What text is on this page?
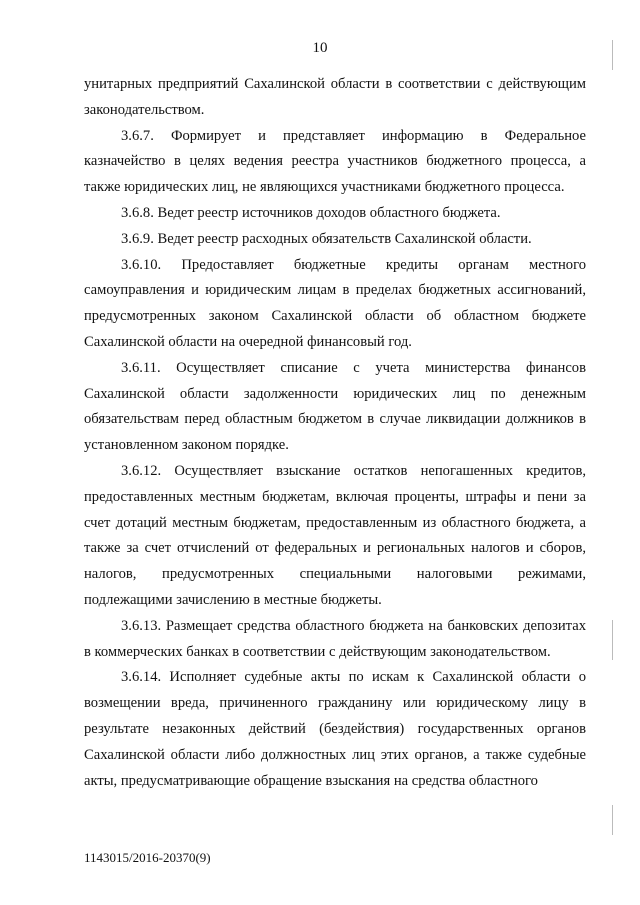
10

унитарных предприятий Сахалинской области в соответствии с действующим законодательством.

3.6.7. Формирует и представляет информацию в Федеральное казначейство в целях ведения реестра участников бюджетного процесса, а также юридических лиц, не являющихся участниками бюджетного процесса.

3.6.8. Ведет реестр источников доходов областного бюджета.

3.6.9. Ведет реестр расходных обязательств Сахалинской области.

3.6.10. Предоставляет бюджетные кредиты органам местного самоуправления и юридическим лицам в пределах бюджетных ассигнований, предусмотренных законом Сахалинской области об областном бюджете Сахалинской области на очередной финансовый год.

3.6.11. Осуществляет списание с учета министерства финансов Сахалинской области задолженности юридических лиц по денежным обязательствам перед областным бюджетом в случае ликвидации должников в установленном законом порядке.

3.6.12. Осуществляет взыскание остатков непогашенных кредитов, предоставленных местным бюджетам, включая проценты, штрафы и пени за счет дотаций местным бюджетам, предоставленным из областного бюджета, а также за счет отчислений от федеральных и региональных налогов и сборов, налогов, предусмотренных специальными налоговыми режимами, подлежащими зачислению в местные бюджеты.

3.6.13. Размещает средства областного бюджета на банковских депозитах в коммерческих банках в соответствии с действующим законодательством.

3.6.14. Исполняет судебные акты по искам к Сахалинской области о возмещении вреда, причиненного гражданину или юридическому лицу в результате незаконных действий (бездействия) государственных органов Сахалинской области либо должностных лиц этих органов, а также судебные акты, предусматривающие обращение взыскания на средства областного

1143015/2016-20370(9)
